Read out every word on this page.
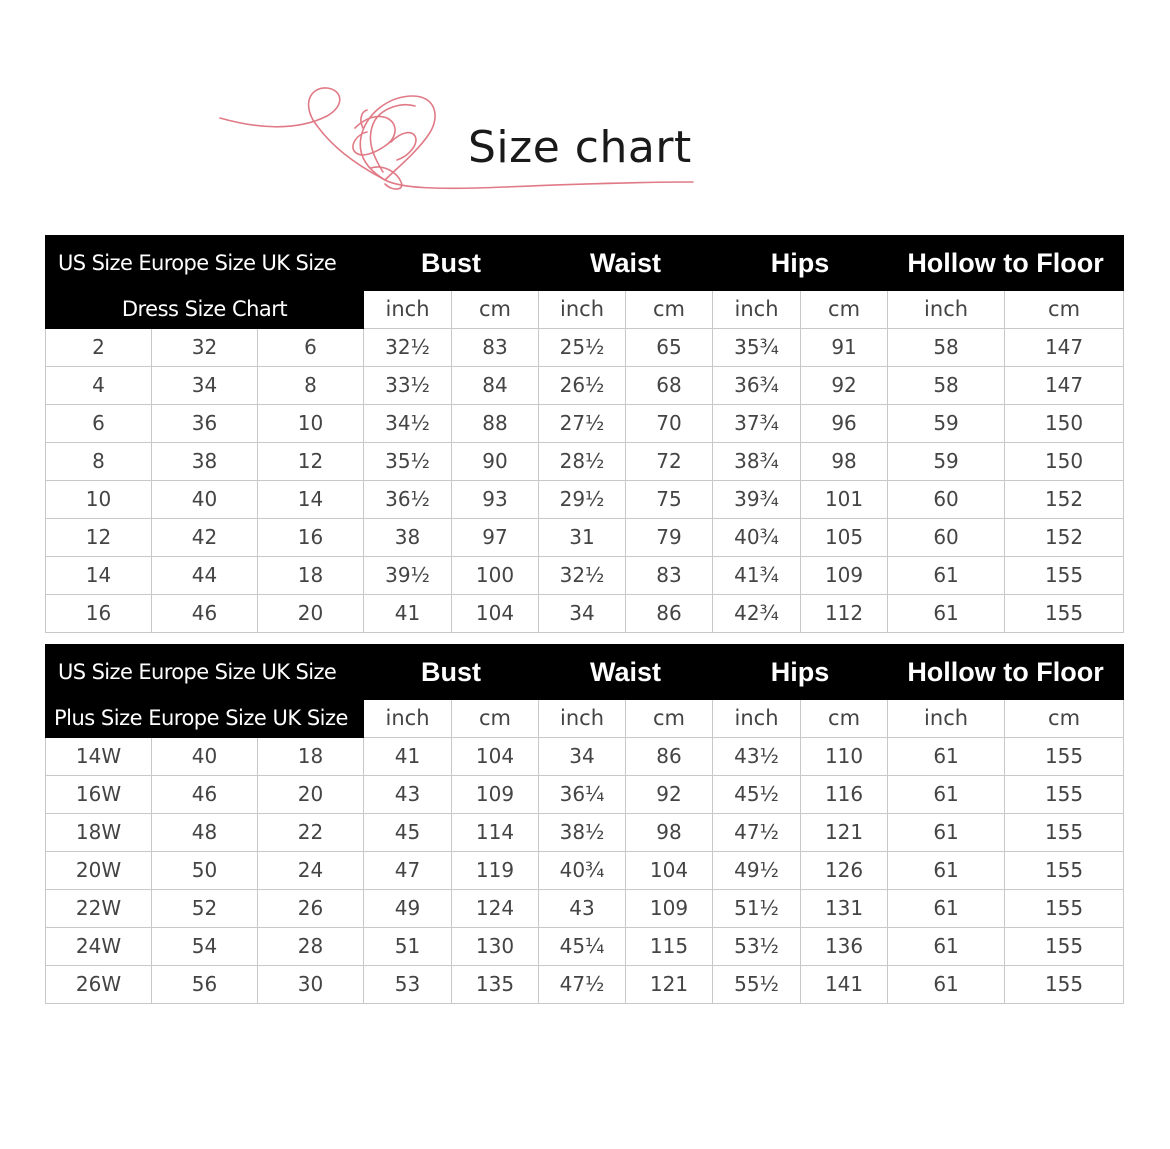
Size chart
US Size Europe Size UK Size			Bust		Waist		Hips		Hollow to Floor	
Dress Size Chart			inch	cm	inch	cm	inch	cm	inch	cm
2	32	6	32½	83	25½	65	35¾	91	58	147
4	34	8	33½	84	26½	68	36¾	92	58	147
6	36	10	34½	88	27½	70	37¾	96	59	150
8	38	12	35½	90	28½	72	38¾	98	59	150
10	40	14	36½	93	29½	75	39¾	101	60	152
12	42	16	38	97	31	79	40¾	105	60	152
14	44	18	39½	100	32½	83	41¾	109	61	155
16	46	20	41	104	34	86	42¾	112	61	155
US Size Europe Size UK Size			Bust		Waist		Hips		Hollow to Floor	
Plus Size Europe Size UK Size			inch	cm	inch	cm	inch	cm	inch	cm
14W	40	18	41	104	34	86	43½	110	61	155
16W	46	20	43	109	36¼	92	45½	116	61	155
18W	48	22	45	114	38½	98	47½	121	61	155
20W	50	24	47	119	40¾	104	49½	126	61	155
22W	52	26	49	124	43	109	51½	131	61	155
24W	54	28	51	130	45¼	115	53½	136	61	155
26W	56	30	53	135	47½	121	55½	141	61	155
